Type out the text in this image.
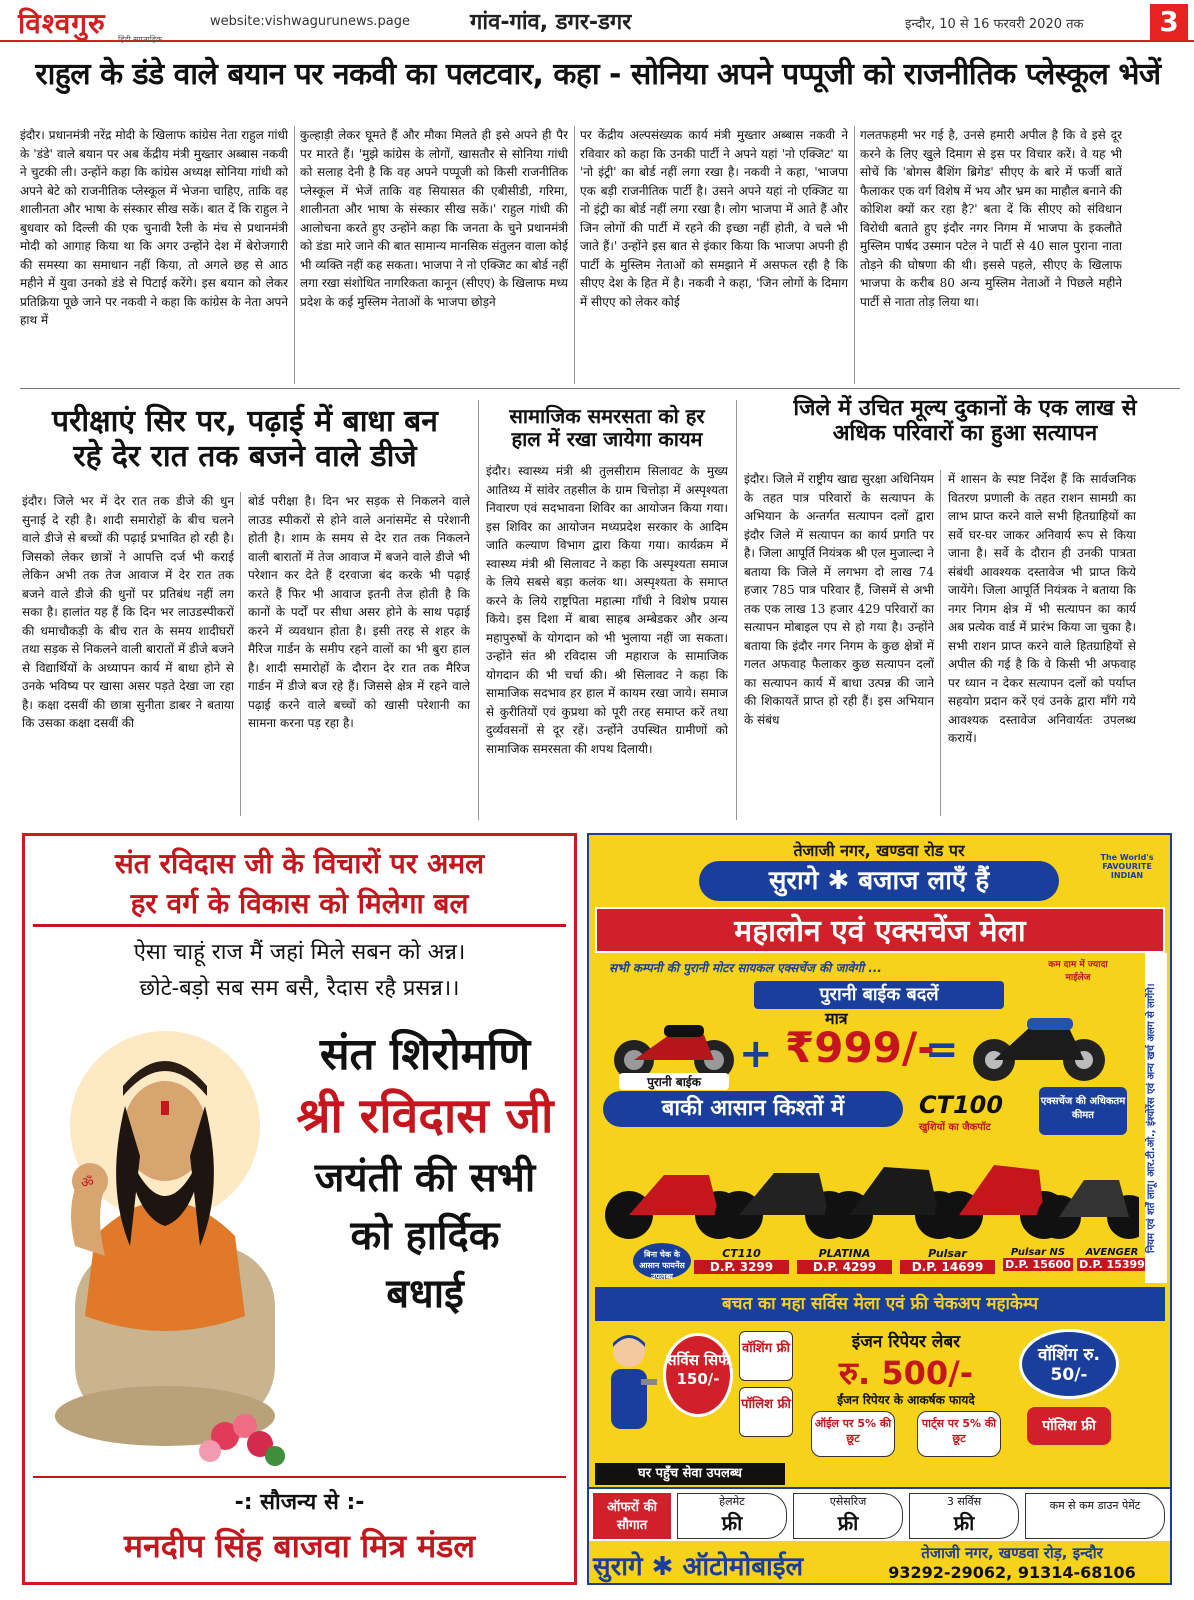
विश्वगुरु हिंदी साप्ताहिक
website:vishwagurunews.page	गांव-गांव, डगर-डगर	इन्दौर, 10 से 16 फरवरी 2020 तक	3
राहुल के डंडे वाले बयान पर नकवी का पलटवार, कहा - सोनिया अपने पप्पूजी को राजनीतिक प्लेस्कूल भेजें
इंदौर। प्रधानमंत्री नरेंद्र मोदी के खिलाफ कांग्रेस नेता राहुल गांधी के 'डंडे' वाले बयान पर अब केंद्रीय मंत्री मुख्तार अब्बास नकवी ने चुटकी ली। उन्होंने कहा कि कांग्रेस अध्यक्ष सोनिया गांधी को अपने बेटे को राजनीतिक प्लेस्कूल में भेजना चाहिए, ताकि वह शालीनता और भाषा के संस्कार सीख सकें। बात दें कि राहुल ने बुधवार को दिल्ली की एक चुनावी रैली के मंच से प्रधानमंत्री मोदी को आगाह किया था कि अगर उन्होंने देश में बेरोजगारी की समस्या का समाधान नहीं किया, तो अगले छह से आठ महीने में युवा उनको डंडे से पिटाई करेंगे। इस बयान को लेकर प्रतिक्रिया पूछे जाने पर नकवी ने कहा कि कांग्रेस के नेता अपने हाथ में
कुल्हाड़ी लेकर घूमते हैं और मौका मिलते ही इसे अपने ही पैर पर मारते हैं। 'मुझे कांग्रेस के लोगों, खासतौर से सोनिया गांधी को सलाह देनी है कि वह अपने पप्पूजी को किसी राजनीतिक प्लेस्कूल में भेजें ताकि वह सियासत की एबीसीडी, गरिमा, शालीनता और भाषा के संस्कार सीख सकें।' राहुल गांधी की आलोचना करते हुए उन्होंने कहा कि जनता के चुने प्रधानमंत्री को डंडा मारे जाने की बात सामान्य मानसिक संतुलन वाला कोई भी व्यक्ति नहीं कह सकता। भाजपा ने नो एक्जिट का बोर्ड नहीं लगा रखा संशोधित नागरिकता कानून (सीएए) के खिलाफ मध्य प्रदेश के कई मुस्लिम नेताओं के भाजपा छोड़ने
पर केंद्रीय अल्पसंख्यक कार्य मंत्री मुख्तार अब्बास नकवी ने रविवार को कहा कि उनकी पार्टी ने अपने यहां 'नो एक्जिट' या 'नो इंट्री' का बोर्ड नहीं लगा रखा है। नकवी ने कहा, 'भाजपा एक बड़ी राजनीतिक पार्टी है। उसने अपने यहां नो एक्जिट या नो इंट्री का बोर्ड नहीं लगा रखा है। लोग भाजपा में आते हैं और जिन लोगों की पार्टी में रहने की इच्छा नहीं होती, वे चले भी जाते हैं।' उन्होंने इस बात से इंकार किया कि भाजपा अपनी ही पार्टी के मुस्लिम नेताओं को समझाने में असफल रही है कि सीएए देश के हित में है। नकवी ने कहा, 'जिन लोगों के दिमाग में सीएए को लेकर कोई
गलतफहमी भर गई है, उनसे हमारी अपील है कि वे इसे दूर करने के लिए खुले दिमाग से इस पर विचार करें। वे यह भी सोचें कि 'बोगस बैशिंग ब्रिगेड' सीएए के बारे में फर्जी बातें फैलाकर एक वर्ग विशेष में भय और भ्रम का माहौल बनाने की कोशिश क्यों कर रहा है?' बता दें कि सीएए को संविधान विरोधी बताते हुए इंदौर नगर निगम में भाजपा के इकलौते मुस्लिम पार्षद उस्मान पटेल ने पार्टी से 40 साल पुराना नाता तोड़ने की घोषणा की थी। इससे पहले, सीएए के खिलाफ भाजपा के करीब 80 अन्य मुस्लिम नेताओं ने पिछले महीने पार्टी से नाता तोड़ लिया था।
परीक्षाएं सिर पर, पढ़ाई में बाधा बन
रहे देर रात तक बजने वाले डीजे
इंदौर। जिले भर में देर रात तक डीजे की धुन सुनाई दे रही है। शादी समारोहों के बीच चलने वाले डीजे से बच्चों की पढ़ाई प्रभावित हो रही है। जिसको लेकर छात्रों ने आपत्ति दर्ज भी कराई लेकिन अभी तक तेज आवाज में देर रात तक बजने वाले डीजे की धुनों पर प्रतिबंध नहीं लग सका है। हालांत यह हैं कि दिन भर लाउडस्पीकरों की धमाचौकड़ी के बीच रात के समय शादीघरों तथा सड़क से निकलने वाली बारातों में डीजे बजने से विद्यार्थियों के अध्यापन कार्य में बाधा होने से उनके भविष्य पर खासा असर पड़ते देखा जा रहा है। कक्षा दसवीं की छात्रा सुनीता डाबर ने बताया कि उसका कक्षा दसवीं की
बोर्ड परीक्षा है। दिन भर सड़क से निकलने वाले लाउड स्पीकरों से होने वाले अनांसमेंट से परेशानी होती है। शाम के समय से देर रात तक निकलने वाली बारातों में तेज आवाज में बजने वाले डीजे भी परेशान कर देते हैं दरवाजा बंद करके भी पढ़ाई करते हैं फिर भी आवाज इतनी तेज होती है कि कानों के पर्दों पर सीधा असर होने के साथ पढ़ाई करने में व्यवधान होता है। इसी तरह से शहर के मैरिज गार्डन के समीप रहने वालों का भी बुरा हाल है। शादी समारोहों के दौरान देर रात तक मैरिज गार्डन में डीजे बज रहे हैं। जिससे क्षेत्र में रहने वाले पढ़ाई करने वाले बच्चों को खासी परेशानी का सामना करना पड़ रहा है।
सामाजिक समरसता को हर
हाल में रखा जायेगा कायम
इंदौर। स्वास्थ्य मंत्री श्री तुलसीराम सिलावट के मुख्य आतिथ्य में सांवेर तहसील के ग्राम चित्तोड़ा में अस्पृश्यता निवारण एवं सदभावना शिविर का आयोजन किया गया। इस शिविर का आयोजन मध्यप्रदेश सरकार के आदिम जाति कल्याण विभाग द्वारा किया गया। कार्यक्रम में स्वास्थ्य मंत्री श्री सिलावट ने कहा कि अस्पृश्यता समाज के लिये सबसे बड़ा कलंक था। अस्पृश्यता के समाप्त करने के लिये राष्ट्रपिता महात्मा गाँधी ने विशेष प्रयास किये। इस दिशा में बाबा साहब अम्बेडकर और अन्य महापुरुषों के योगदान को भी भुलाया नहीं जा सकता। उन्होंने संत श्री रविदास जी महाराज के सामाजिक योगदान की भी चर्चा की। श्री सिलावट ने कहा कि सामाजिक सदभाव हर हाल में कायम रखा जाये। समाज से कुरीतियों एवं कुप्रथा को पूरी तरह समाप्त करें तथा दुर्व्यवसनों से दूर रहें। उन्होंने उपस्थित ग्रामीणों को सामाजिक समरसता की शपथ दिलायी।
जिले में उचित मूल्य दुकानों के एक लाख से
अधिक परिवारों का हुआ सत्यापन
इंदौर। जिले में राष्ट्रीय खाद्य सुरक्षा अधिनियम के तहत पात्र परिवारों के सत्यापन के अभियान के अन्तर्गत सत्यापन दलों द्वारा इंदौर जिले में सत्यापन का कार्य प्रगति पर है। जिला आपूर्ति नियंत्रक श्री एल मुजाल्दा ने बताया कि जिले में लगभग दो लाख 74 हजार 785 पात्र परिवार हैं, जिसमें से अभी तक एक लाख 13 हजार 429 परिवारों का सत्यापन मोबाइल एप से हो गया है। उन्होंने बताया कि इंदौर नगर निगम के कुछ क्षेत्रों में गलत अफवाह फैलाकर कुछ सत्यापन दलों का सत्यापन कार्य में बाधा उत्पन्न की जाने की शिकायतें प्राप्त हो रही हैं। इस अभियान के संबंध
में शासन के स्पष्ट निर्देश हैं कि सार्वजनिक वितरण प्रणाली के तहत राशन सामग्री का लाभ प्राप्त करने वाले सभी हितग्राहियों का सर्वे घर-घर जाकर अनिवार्य रूप से किया जाना है। सर्वे के दौरान ही उनकी पात्रता संबंधी आवश्यक दस्तावेज भी प्राप्त किये जायेंगे। जिला आपूर्ति नियंत्रक ने बताया कि नगर निगम क्षेत्र में भी सत्यापन का कार्य अब प्रत्येक वार्ड में प्रारंभ किया जा चुका है। सभी राशन प्राप्त करने वाले हितग्राहियों से अपील की गई है कि वे किसी भी अफवाह पर ध्यान न देकर सत्यापन दलों को पर्याप्त सहयोग प्रदान करें एवं उनके द्वारा माँगे गये आवश्यक दस्तावेज अनिवार्यतः उपलब्ध करायें।
संत रविदास जी के विचारों पर अमल
हर वर्ग के विकास को मिलेगा बल
ऐसा चाहूं राज मैं जहां मिले सबन को अन्न।
छोटे-बड़ो सब सम बसै, रैदास रहै प्रसन्न।।
ॐ
संत शिरोमणि
श्री रविदास जी
जयंती की सभी
को हार्दिक
बधाई
-: सौजन्य से :-
मनदीप सिंह बाजवा मित्र मंडल
तेजाजी नगर, खण्डवा रोड पर
सुरागे ✱ बजाज लाएँ हैं
The World's FAVOURITE INDIAN
महालोन एवं एक्सचेंज मेला
सभी कम्पनी की पुरानी मोटर सायकल एक्सचेंज की जावेगी ...	कम दाम में ज्यादा माईलेज
पुरानी बाईक बदलें
पुरानी बाईक
+
मात्र
₹999/-
=
बाकी आसान किश्तों में	CT100
खुशियों का जैकपॉट
एक्सचेंज की अधिकतम कीमत
बिना चेक के आसान फायनेंस उपलब्ध
CT110
D.P. 3299
PLATINA
D.P. 4299
Pulsar
D.P. 14699
Pulsar NS
D.P. 15600
AVENGER
D.P. 15399
नियम एवं शर्तें लागू। आर.टी.ओ., इंश्योरेंस एवं अन्य खर्च अलग से लागेंगे।
बचत का महा सर्विस मेला एवं फ्री चेकअप महाकेम्प
सर्विस सिर्फ 150/-
वॉशिंग फ्री
पॉलिश फ्री
इंजन रिपेयर लेबर
रु. 500/-
ईंजन रिपेयर के आकर्षक फायदे
ऑईल पर 5% की छूट
पार्ट्स पर 5% की छूट
वॉशिंग रु. 50/-
पॉलिश फ्री
घर पहुँच सेवा उपलब्ध
ऑफरों की सौगात
हेलमेट
फ्री
एसेसरिज
फ्री
3 सर्विस
फ्री
कम से कम डाउन पेमेंट
सुरागे ✱ ऑटोमोबाईल	तेजाजी नगर, खण्डवा रोड़, इन्दौर
93292-29062, 91314-68106
